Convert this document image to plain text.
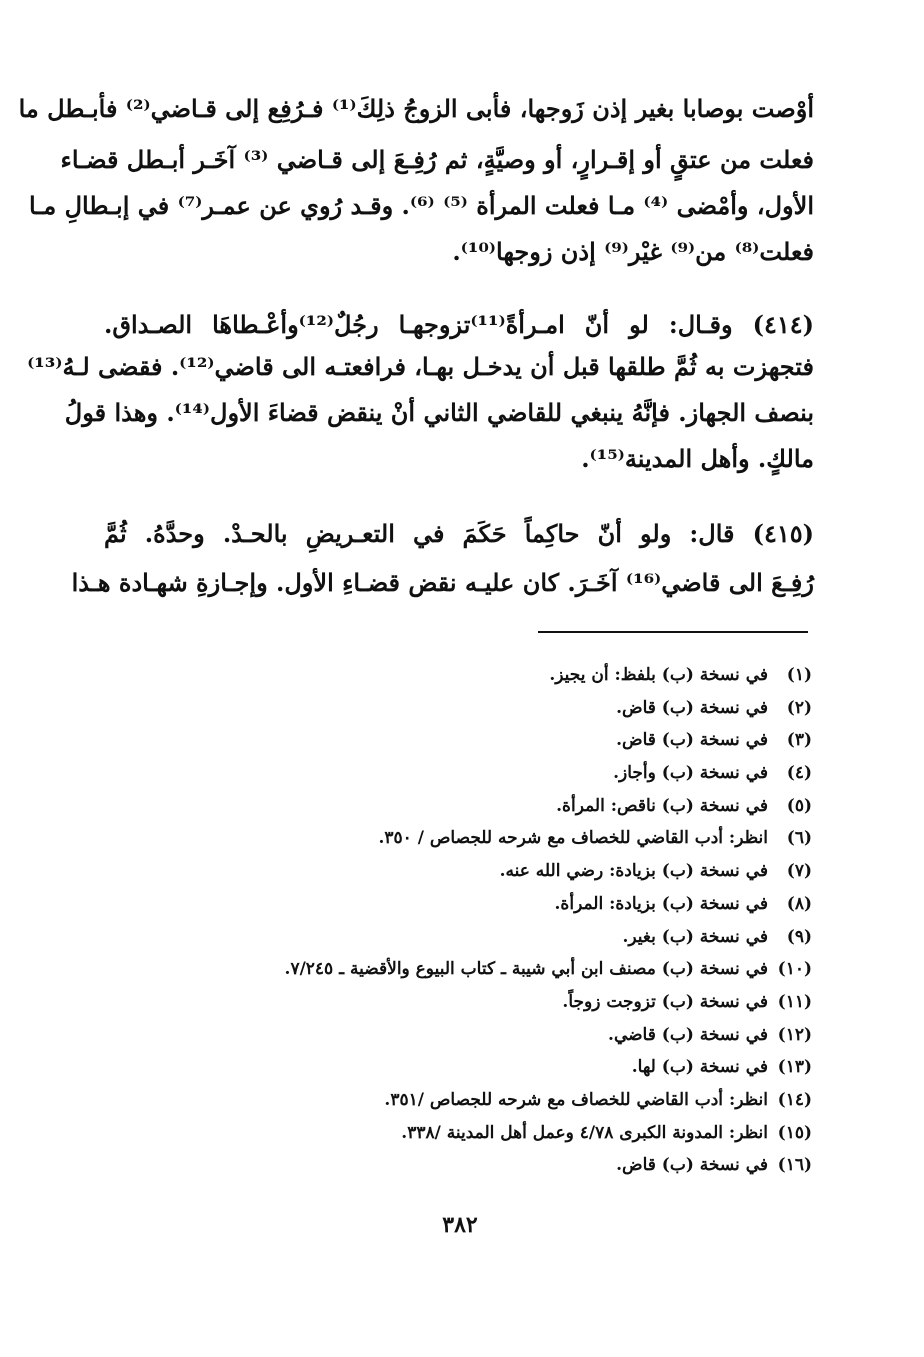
أوْصت بوصابا بغير إذن زَوجها، فأبى الزوجُ ذلِكَ⁽¹⁾ فـرُفِع إلى قـاضي⁽²⁾ فأبـطل ما
فعلت من عتقٍ أو إقـرارٍ، أو وصيَّةٍ، ثم رُفِـعَ إلى قـاضي ⁽³⁾ آخَـر أبـطل قضـاء
الأول، وأمْضى ⁽⁴⁾ مـا فعلت المرأة ⁽⁵⁾ ⁽⁶⁾. وقـد رُوي عن عمـر⁽⁷⁾ في إبـطالِ مـا
فعلت⁽⁸⁾ من⁽⁹⁾ غيْر⁽⁹⁾ إذن زوجها⁽¹⁰⁾.
(٤١٤) وقـال: لو أنّ امـرأةً⁽¹¹⁾تزوجهـا رجُلٌ⁽¹²⁾وأعْـطاهَا الصـداق.
فتجهزت به ثُمَّ طلقها قبل أن يدخـل بهـا، فرافعتـه الى قاضي⁽¹²⁾. فقضى لـهُ⁽¹³⁾
بنصف الجهاز. فإنَّهُ ينبغي للقاضي الثاني أنْ ينقض قضاءَ الأول⁽¹⁴⁾. وهذا قولُ
مالكٍ. وأهل المدينة⁽¹⁵⁾.
(٤١٥) قال: ولو أنّ حاكِماً حَكَمَ في التعـريضِ بالحـدْ. وحدَّهُ. ثُمَّ
رُفِـعَ الى قاضي⁽¹⁶⁾ آخَـرَ. كان عليـه نقض قضـاءِ الأول. وإجـازةِ شهـادة هـذا
(١)
في نسخة (ب) بلفظ: أن يجيز.
(٢)
في نسخة (ب) قاض.
(٣)
في نسخة (ب) قاض.
(٤)
في نسخة (ب) وأجاز.
(٥)
في نسخة (ب) ناقص: المرأة.
(٦)
انظر: أدب القاضي للخصاف مع شرحه للجصاص / ٣٥٠.
(٧)
في نسخة (ب) بزيادة: رضي الله عنه.
(٨)
في نسخة (ب) بزيادة: المرأة.
(٩)
في نسخة (ب) بغير.
(١٠)
في نسخة (ب) مصنف ابن أبي شيبة ـ كتاب البيوع والأقضية ـ ٧/٢٤٥.
(١١)
في نسخة (ب) تزوجت زوجاً.
(١٢)
في نسخة (ب) قاضي.
(١٣)
في نسخة (ب) لها.
(١٤)
انظر: أدب القاضي للخصاف مع شرحه للجصاص /٣٥١.
(١٥)
انظر: المدونة الكبرى ٤/٧٨ وعمل أهل المدينة /٣٣٨.
(١٦)
في نسخة (ب) قاض.
٣٨٢
